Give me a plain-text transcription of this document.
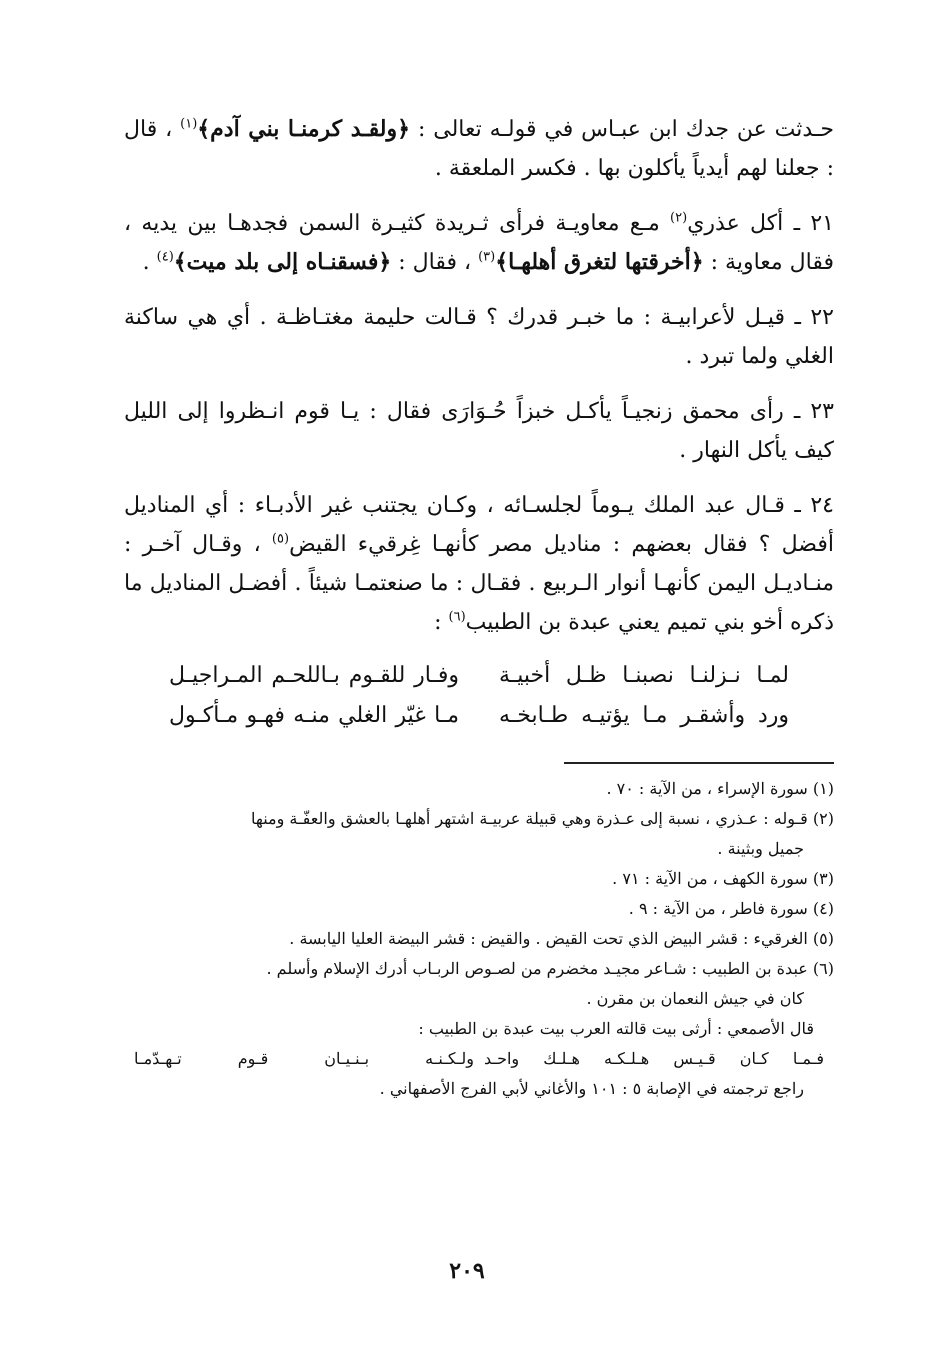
حـدثت عن جدك ابن عبـاس في قولـه تعالى : ﴿ولقـد كرمنـا بني آدم﴾$^{(١)}$ ، قال : جعلنا لهم أيدياً يأكلون بها . فكسر الملعقة .

٢١ ـ أكل عذري$^{(٢)}$ مـع معاويـة فرأى ثـريدة كثيـرة السمن فجدهـا بين يديه ، فقال معاوية : ﴿أخرقتها لتغرق أهلهـا﴾$^{(٣)}$ ، فقال : ﴿فسقنـاه إلى بلد ميت﴾$^{(٤)}$ .

٢٢ ـ قيـل لأعرابيـة : ما خبـر قدرك ؟ قـالت حليمة مغتـاظـة . أي هي ساكنة الغلي ولما تبرد .

٢٣ ـ رأى محمق زنجيـاً يأكـل خبزاً حُـوَارَى فقال : يـا قوم انـظروا إلى الليل كيف يأكل النهار .

٢٤ ـ قـال عبد الملك يـوماً لجلسـائه ، وكـان يجتنب غير الأدبـاء : أي المناديل أفضل ؟ فقال بعضهم : مناديل مصر كأنهـا غِرقيء القيض$^{(٥)}$ ، وقـال آخـر : منـاديـل اليمن كأنهـا أنوار الـربيع . فقـال : ما صنعتمـا شيئاً . أفضـل المناديل ما ذكره أخو بني تميم يعني عبدة بن الطبيب$^{(٦)}$ :

لمـا نـزلنـا نصبنـا ظـل أخبيـة
وفـار للقـوم بـاللحـم المـراجيـل
ورد وأشقـر مـا يؤتيـه طـابخـه
مـا غيّر الغلي منـه فهـو مـأكـول

(١) سورة الإسراء ، من الآية : ٧٠ .

(٢) قـوله : عـذري ، نسبة إلى عـذرة وهي قبيلة عربيـة اشتهر أهلهـا بالعشق والعفّـة ومنها

جميل وبثينة .

(٣) سورة الكهف ، من الآية : ٧١ .

(٤) سورة فاطر ، من الآية : ٩ .

(٥) الغرقيء : قشر البيض الذي تحت القيض . والقيض : قشر البيضة العليا اليابسة .

(٦) عبدة بن الطبيب : شـاعر مجيـد مخضرم من لصـوص الربـاب أدرك الإسلام وأسلم .

كان في جيش النعمان بن مقرن .

قال الأصمعي : أرثى بيت قالته العرب بيت عبدة بن الطبيب :

فـمـا كـان قـيـس هـلـكـه هـلـك واحـد
ولـكـنـه بـنـيـان قـوم تـهـدّمـا

راجع ترجمته في الإصابة ٥ : ١٠١ والأغاني لأبي الفرج الأصفهاني .

٢٠٩
